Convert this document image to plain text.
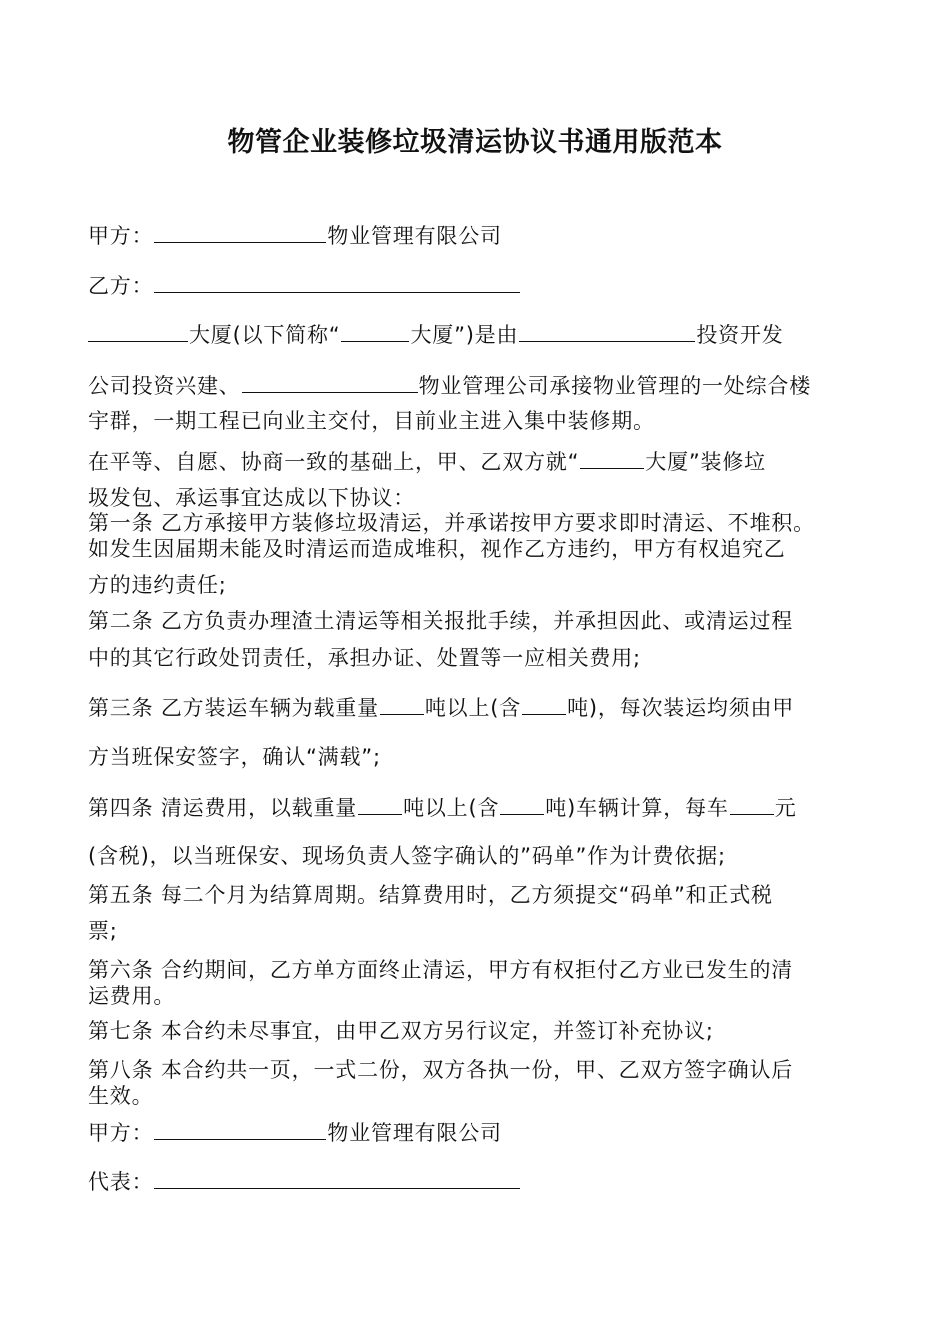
物管企业装修垃圾清运协议书通用版范本
甲方：	物业管理有限公司
乙方：
大厦(以下简称“	大厦”)是由	投资开发
公司投资兴建、	物业管理公司承接物业管理的一处综合楼
宇群，一期工程已向业主交付，目前业主进入集中装修期。
在平等、自愿、协商一致的基础上，甲、乙双方就“	大厦”装修垃
圾发包、承运事宜达成以下协议：
第一条 乙方承接甲方装修垃圾清运，并承诺按甲方要求即时清运、不堆积。
如发生因届期未能及时清运而造成堆积，视作乙方违约，甲方有权追究乙
方的违约责任;
第二条 乙方负责办理渣土清运等相关报批手续，并承担因此、或清运过程
中的其它行政处罚责任，承担办证、处置等一应相关费用;
第三条 乙方装运车辆为载重量 吨以上(含 吨)，每次装运均须由甲
方当班保安签字，确认“满载”;
第四条 清运费用，以载重量 吨以上(含 吨)车辆计算，每车 元
(含税)，以当班保安、现场负责人签字确认的”码单”作为计费依据;
第五条 每二个月为结算周期。结算费用时，乙方须提交“码单”和正式税
票;
第六条 合约期间，乙方单方面终止清运，甲方有权拒付乙方业已发生的清
运费用。
第七条 本合约未尽事宜，由甲乙双方另行议定，并签订补充协议;
第八条 本合约共一页，一式二份，双方各执一份，甲、乙双方签字确认后
生效。
甲方：	物业管理有限公司
代表：
